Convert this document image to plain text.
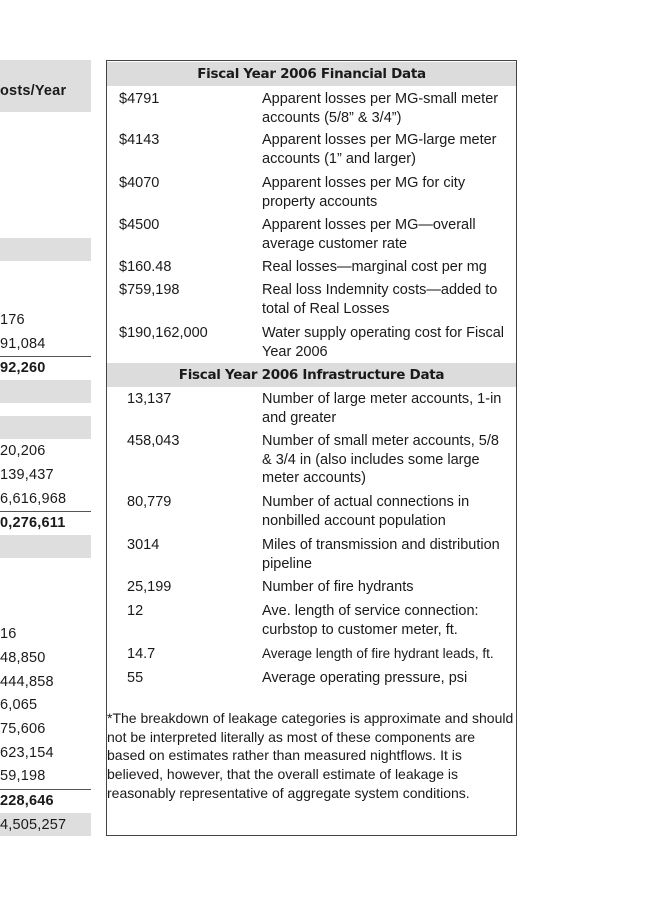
osts/Year
176
91,084
92,260
20,206
139,437
6,616,968
0,276,611
16
48,850
444,858
6,065
75,606
623,154
59,198
228,646
4,505,257
Fiscal Year 2006 Financial Data
$4791	Apparent losses per MG-small meter accounts (5/8” & 3/4”)
$4143	Apparent losses per MG-large meter accounts (1” and larger)
$4070	Apparent losses per MG for city property accounts
$4500	Apparent losses per MG—overall average customer rate
$160.48	Real losses—marginal cost per mg
$759,198	Real loss Indemnity costs—added to total of Real Losses
$190,162,000	Water supply operating cost for Fiscal Year 2006
Fiscal Year 2006 Infrastructure Data
13,137	Number of large meter accounts, 1-in and greater
458,043	Number of small meter accounts, 5/8 & 3/4 in (also includes some large meter accounts)
80,779	Number of actual connections in nonbilled account population
3014	Miles of transmission and distribution pipeline
25,199	Number of fire hydrants
12	Ave. length of service connection: curbstop to customer meter, ft.
14.7	Average length of fire hydrant leads, ft.
55	Average operating pressure, psi
*The breakdown of leakage categories is approximate and should not be interpreted literally as most of these components are based on estimates rather than measured nightflows. It is believed, however, that the overall estimate of leakage is reasonably representative of aggregate system conditions.
